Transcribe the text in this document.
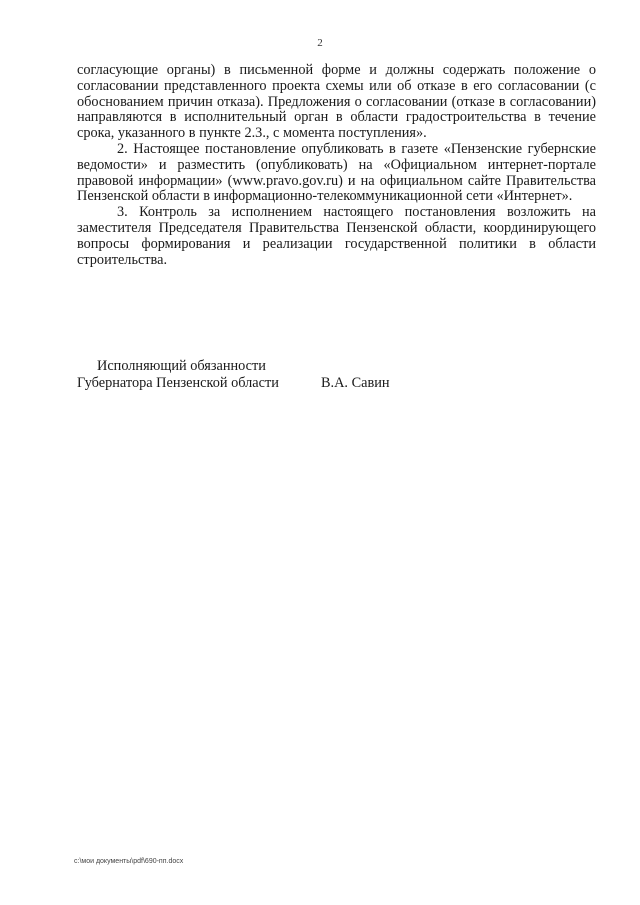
2

согласующие органы) в письменной форме и должны содержать положение о согласовании представленного проекта схемы или об отказе в его согласовании (с обоснованием причин отказа). Предложения о согласовании (отказе в согласовании) направляются в исполнительный орган в области градостроительства в течение срока, указанного в пункте 2.3., с момента поступления».

2. Настоящее постановление опубликовать в газете «Пензенские губернские ведомости» и разместить (опубликовать) на «Официальном интернет-портале правовой информации» (www.pravo.gov.ru) и на официальном сайте Правительства Пензенской области в информационно-телекоммуникационной сети «Интернет».

3. Контроль за исполнением настоящего постановления возложить на заместителя Председателя Правительства Пензенской области, координирующего вопросы формирования и реализации государственной политики в области строительства.

Исполняющий обязанности
Губернатора Пензенской области	В.А. Савин
c:\мои документы\pdf\690-пп.docx
